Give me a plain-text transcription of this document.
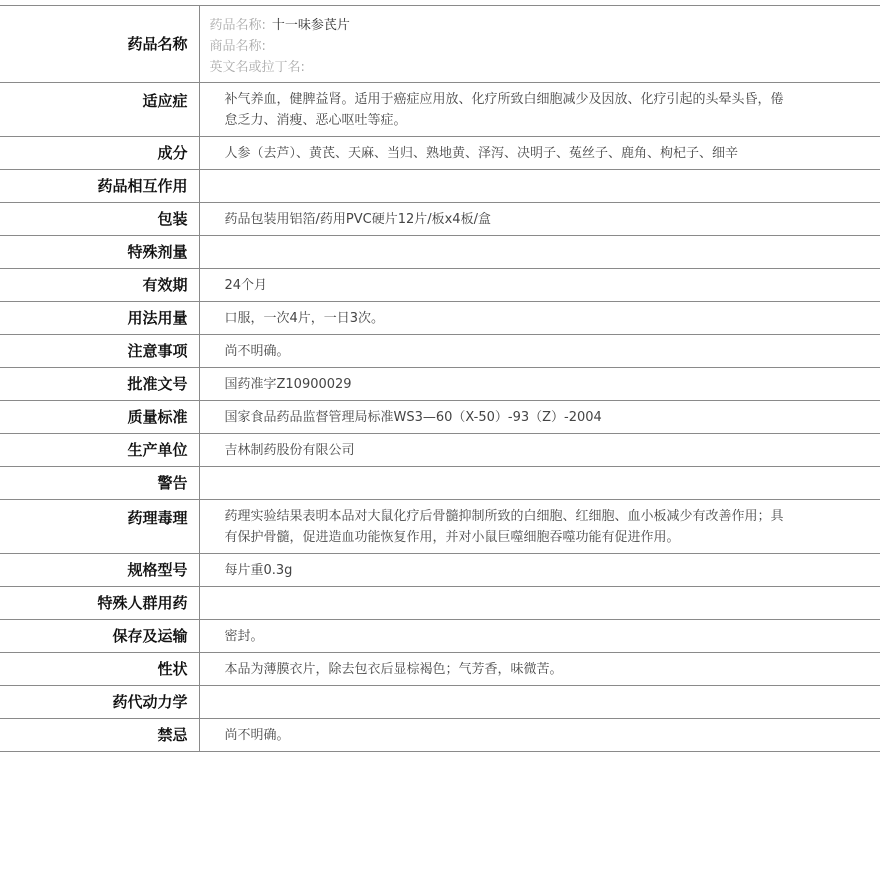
药品名称	药品名称: 十一味参芪片
商品名称:
英文名或拉丁名:

适应症	补气养血，健脾益肾。适用于癌症应用放、化疗所致白细胞减少及因放、化疗引起的头晕头昏，倦怠乏力、消瘦、恶心呕吐等症。
成分	人参（去芦）、黄芪、天麻、当归、熟地黄、泽泻、决明子、菟丝子、鹿角、枸杞子、细辛
药品相互作用	
包装	药品包装用铝箔/药用PVC硬片12片/板x4板/盒
特殊剂量	
有效期	24个月
用法用量	口服，一次4片，一日3次。
注意事项	尚不明确。
批准文号	国药准字Z10900029
质量标准	国家食品药品监督管理局标准WS3—60（X-50）-93（Z）-2004
生产单位	吉林制药股份有限公司
警告	
药理毒理	药理实验结果表明本品对大鼠化疗后骨髓抑制所致的白细胞、红细胞、血小板减少有改善作用；具有保护骨髓，促进造血功能恢复作用，并对小鼠巨噬细胞吞噬功能有促进作用。
规格型号	每片重0.3g
特殊人群用药	
保存及运输	密封。
性状	本品为薄膜衣片，除去包衣后显棕褐色；气芳香，味微苦。
药代动力学	
禁忌	尚不明确。
